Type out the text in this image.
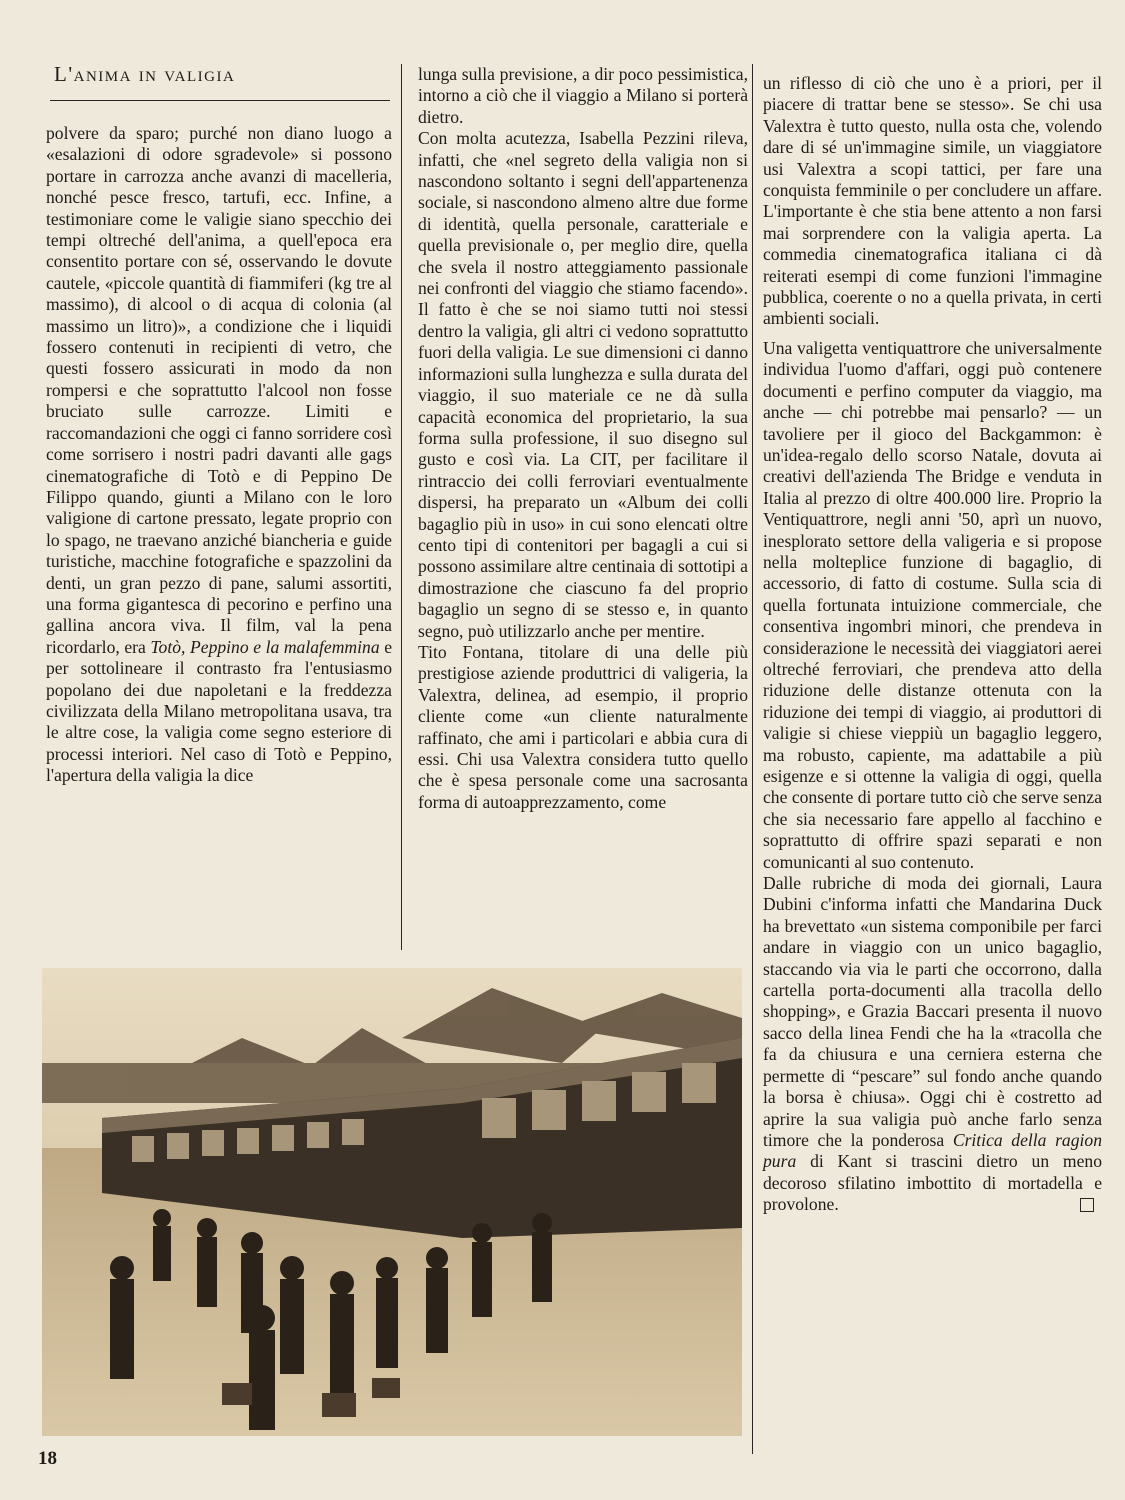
L'anima in valigia

polvere da sparo; purché non diano luogo a «esalazioni di odore sgradevole» si possono portare in carrozza anche avanzi di macelleria, nonché pesce fresco, tartufi, ecc. Infine, a testimoniare come le valigie siano specchio dei tempi oltreché dell'anima, a quell'epoca era consentito portare con sé, osservando le dovute cautele, «piccole quantità di fiammiferi (kg tre al massimo), di alcool o di acqua di colonia (al massimo un litro)», a condizione che i liquidi fossero contenuti in recipienti di vetro, che questi fossero assicurati in modo da non rompersi e che soprattutto l'alcool non fosse bruciato sulle carrozze. Limiti e raccomandazioni che oggi ci fanno sorridere così come sorrisero i nostri padri davanti alle gags cinematografiche di Totò e di Peppino De Filippo quando, giunti a Milano con le loro valigione di cartone pressato, legate proprio con lo spago, ne traevano anziché biancheria e guide turistiche, macchine fotografiche e spazzolini da denti, un gran pezzo di pane, salumi assortiti, una forma gigantesca di pecorino e perfino una gallina ancora viva. Il film, val la pena ricordarlo, era Totò, Peppino e la malafemmina e per sottolineare il contrasto fra l'entusiasmo popolano dei due napoletani e la freddezza civilizzata della Milano metropolitana usava, tra le altre cose, la valigia come segno esteriore di processi interiori. Nel caso di Totò e Peppino, l'apertura della valigia la dice

lunga sulla previsione, a dir poco pessimistica, intorno a ciò che il viaggio a Milano si porterà dietro.

Con molta acutezza, Isabella Pezzini rileva, infatti, che «nel segreto della valigia non si nascondono soltanto i segni dell'appartenenza sociale, si nascondono almeno altre due forme di identità, quella personale, caratteriale e quella previsionale o, per meglio dire, quella che svela il nostro atteggiamento passionale nei confronti del viaggio che stiamo facendo». Il fatto è che se noi siamo tutti noi stessi dentro la valigia, gli altri ci vedono soprattutto fuori della valigia. Le sue dimensioni ci danno informazioni sulla lunghezza e sulla durata del viaggio, il suo materiale ce ne dà sulla capacità economica del proprietario, la sua forma sulla professione, il suo disegno sul gusto e così via. La CIT, per facilitare il rintraccio dei colli ferroviari eventualmente dispersi, ha preparato un «Album dei colli bagaglio più in uso» in cui sono elencati oltre cento tipi di contenitori per bagagli a cui si possono assimilare altre centinaia di sottotipi a dimostrazione che ciascuno fa del proprio bagaglio un segno di se stesso e, in quanto segno, può utilizzarlo anche per mentire.

Tito Fontana, titolare di una delle più prestigiose aziende produttrici di valigeria, la Valextra, delinea, ad esempio, il proprio cliente come «un cliente naturalmente raffinato, che ami i particolari e abbia cura di essi. Chi usa Valextra considera tutto quello che è spesa personale come una sacrosanta forma di autoapprezzamento, come

un riflesso di ciò che uno è a priori, per il piacere di trattar bene se stesso». Se chi usa Valextra è tutto questo, nulla osta che, volendo dare di sé un'immagine simile, un viaggiatore usi Valextra a scopi tattici, per fare una conquista femminile o per concludere un affare. L'importante è che stia bene attento a non farsi mai sorprendere con la valigia aperta. La commedia cinematografica italiana ci dà reiterati esempi di come funzioni l'immagine pubblica, coerente o no a quella privata, in certi ambienti sociali.

Una valigetta ventiquattrore che universalmente individua l'uomo d'affari, oggi può contenere documenti e perfino computer da viaggio, ma anche — chi potrebbe mai pensarlo? — un tavoliere per il gioco del Backgammon: è un'idea-regalo dello scorso Natale, dovuta ai creativi dell'azienda The Bridge e venduta in Italia al prezzo di oltre 400.000 lire. Proprio la Ventiquattrore, negli anni '50, aprì un nuovo, inesplorato settore della valigeria e si propose nella molteplice funzione di bagaglio, di accessorio, di fatto di costume. Sulla scia di quella fortunata intuizione commerciale, che consentiva ingombri minori, che prendeva in considerazione le necessità dei viaggiatori aerei oltreché ferroviari, che prendeva atto della riduzione delle distanze ottenuta con la riduzione dei tempi di viaggio, ai produttori di valigie si chiese vieppiù un bagaglio leggero, ma robusto, capiente, ma adattabile a più esigenze e si ottenne la valigia di oggi, quella che consente di portare tutto ciò che serve senza che sia necessario fare appello al facchino e soprattutto di offrire spazi separati e non comunicanti al suo contenuto.

Dalle rubriche di moda dei giornali, Laura Dubini c'informa infatti che Mandarina Duck ha brevettato «un sistema componibile per farci andare in viaggio con un unico bagaglio, staccando via via le parti che occorrono, dalla cartella porta-documenti alla tracolla dello shopping», e Grazia Baccari presenta il nuovo sacco della linea Fendi che ha la «tracolla che fa da chiusura e una cerniera esterna che permette di “pescare” sul fondo anche quando la borsa è chiusa». Oggi chi è costretto ad aprire la sua valigia può anche farlo senza timore che la ponderosa Critica della ragion pura di Kant si trascini dietro un meno decoroso sfilatino imbottito di mortadella e provolone.

18
